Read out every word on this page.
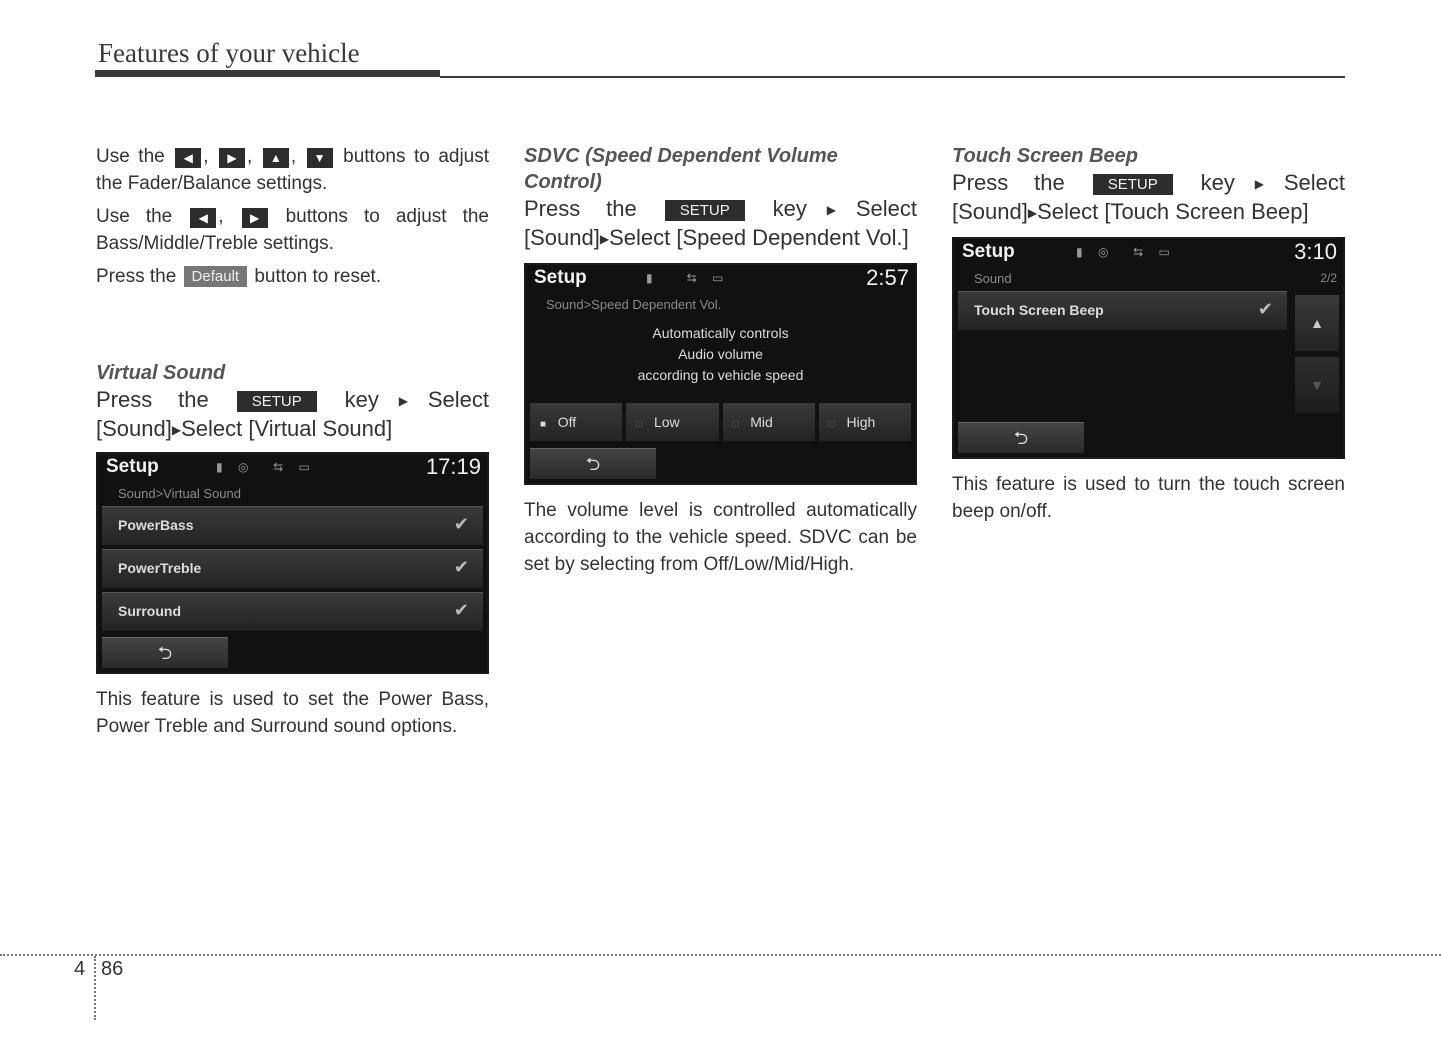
Features of your vehicle

Use the ◀ , ▶ , ▲ , ▼ buttons to adjust the Fader/Balance settings.

Use the ◀ , ▶ buttons to adjust the Bass/Middle/Treble settings.

Press the Default button to reset.

Virtual Sound

Press the	SETUP key▶Select [Sound]▶Select [Virtual Sound]

Setup	▮ ◎  ⇆ ▭	17:19
Sound>Virtual Sound
PowerBass	✔
PowerTreble	✔
Surround	✔
⮌

This feature is used to set the Power Bass, Power Treble and Surround sound options.

SDVC (Speed Dependent Volume Control)

Press the	SETUP key▶Select [Sound]▶Select [Speed Dependent Vol.]

Setup	▮   ⇆ ▭	2:57
Sound>Speed Dependent Vol.
Automatically controls
Audio volume
according to vehicle speed
■ Off	□ Low	□ Mid	□ High
⮌

The volume level is controlled automatically according to the vehicle speed. SDVC can be set by selecting from Off/Low/Mid/High.

Touch Screen Beep

Press the	SETUP key▶Select [Sound]▶Select [Touch Screen Beep]

Setup	▮ ◎  ⇆ ▭	3:10
Sound	2/2
Touch Screen Beep	✔
▲
▼
⮌

This feature is used to turn the touch screen beep on/off.

4 86
